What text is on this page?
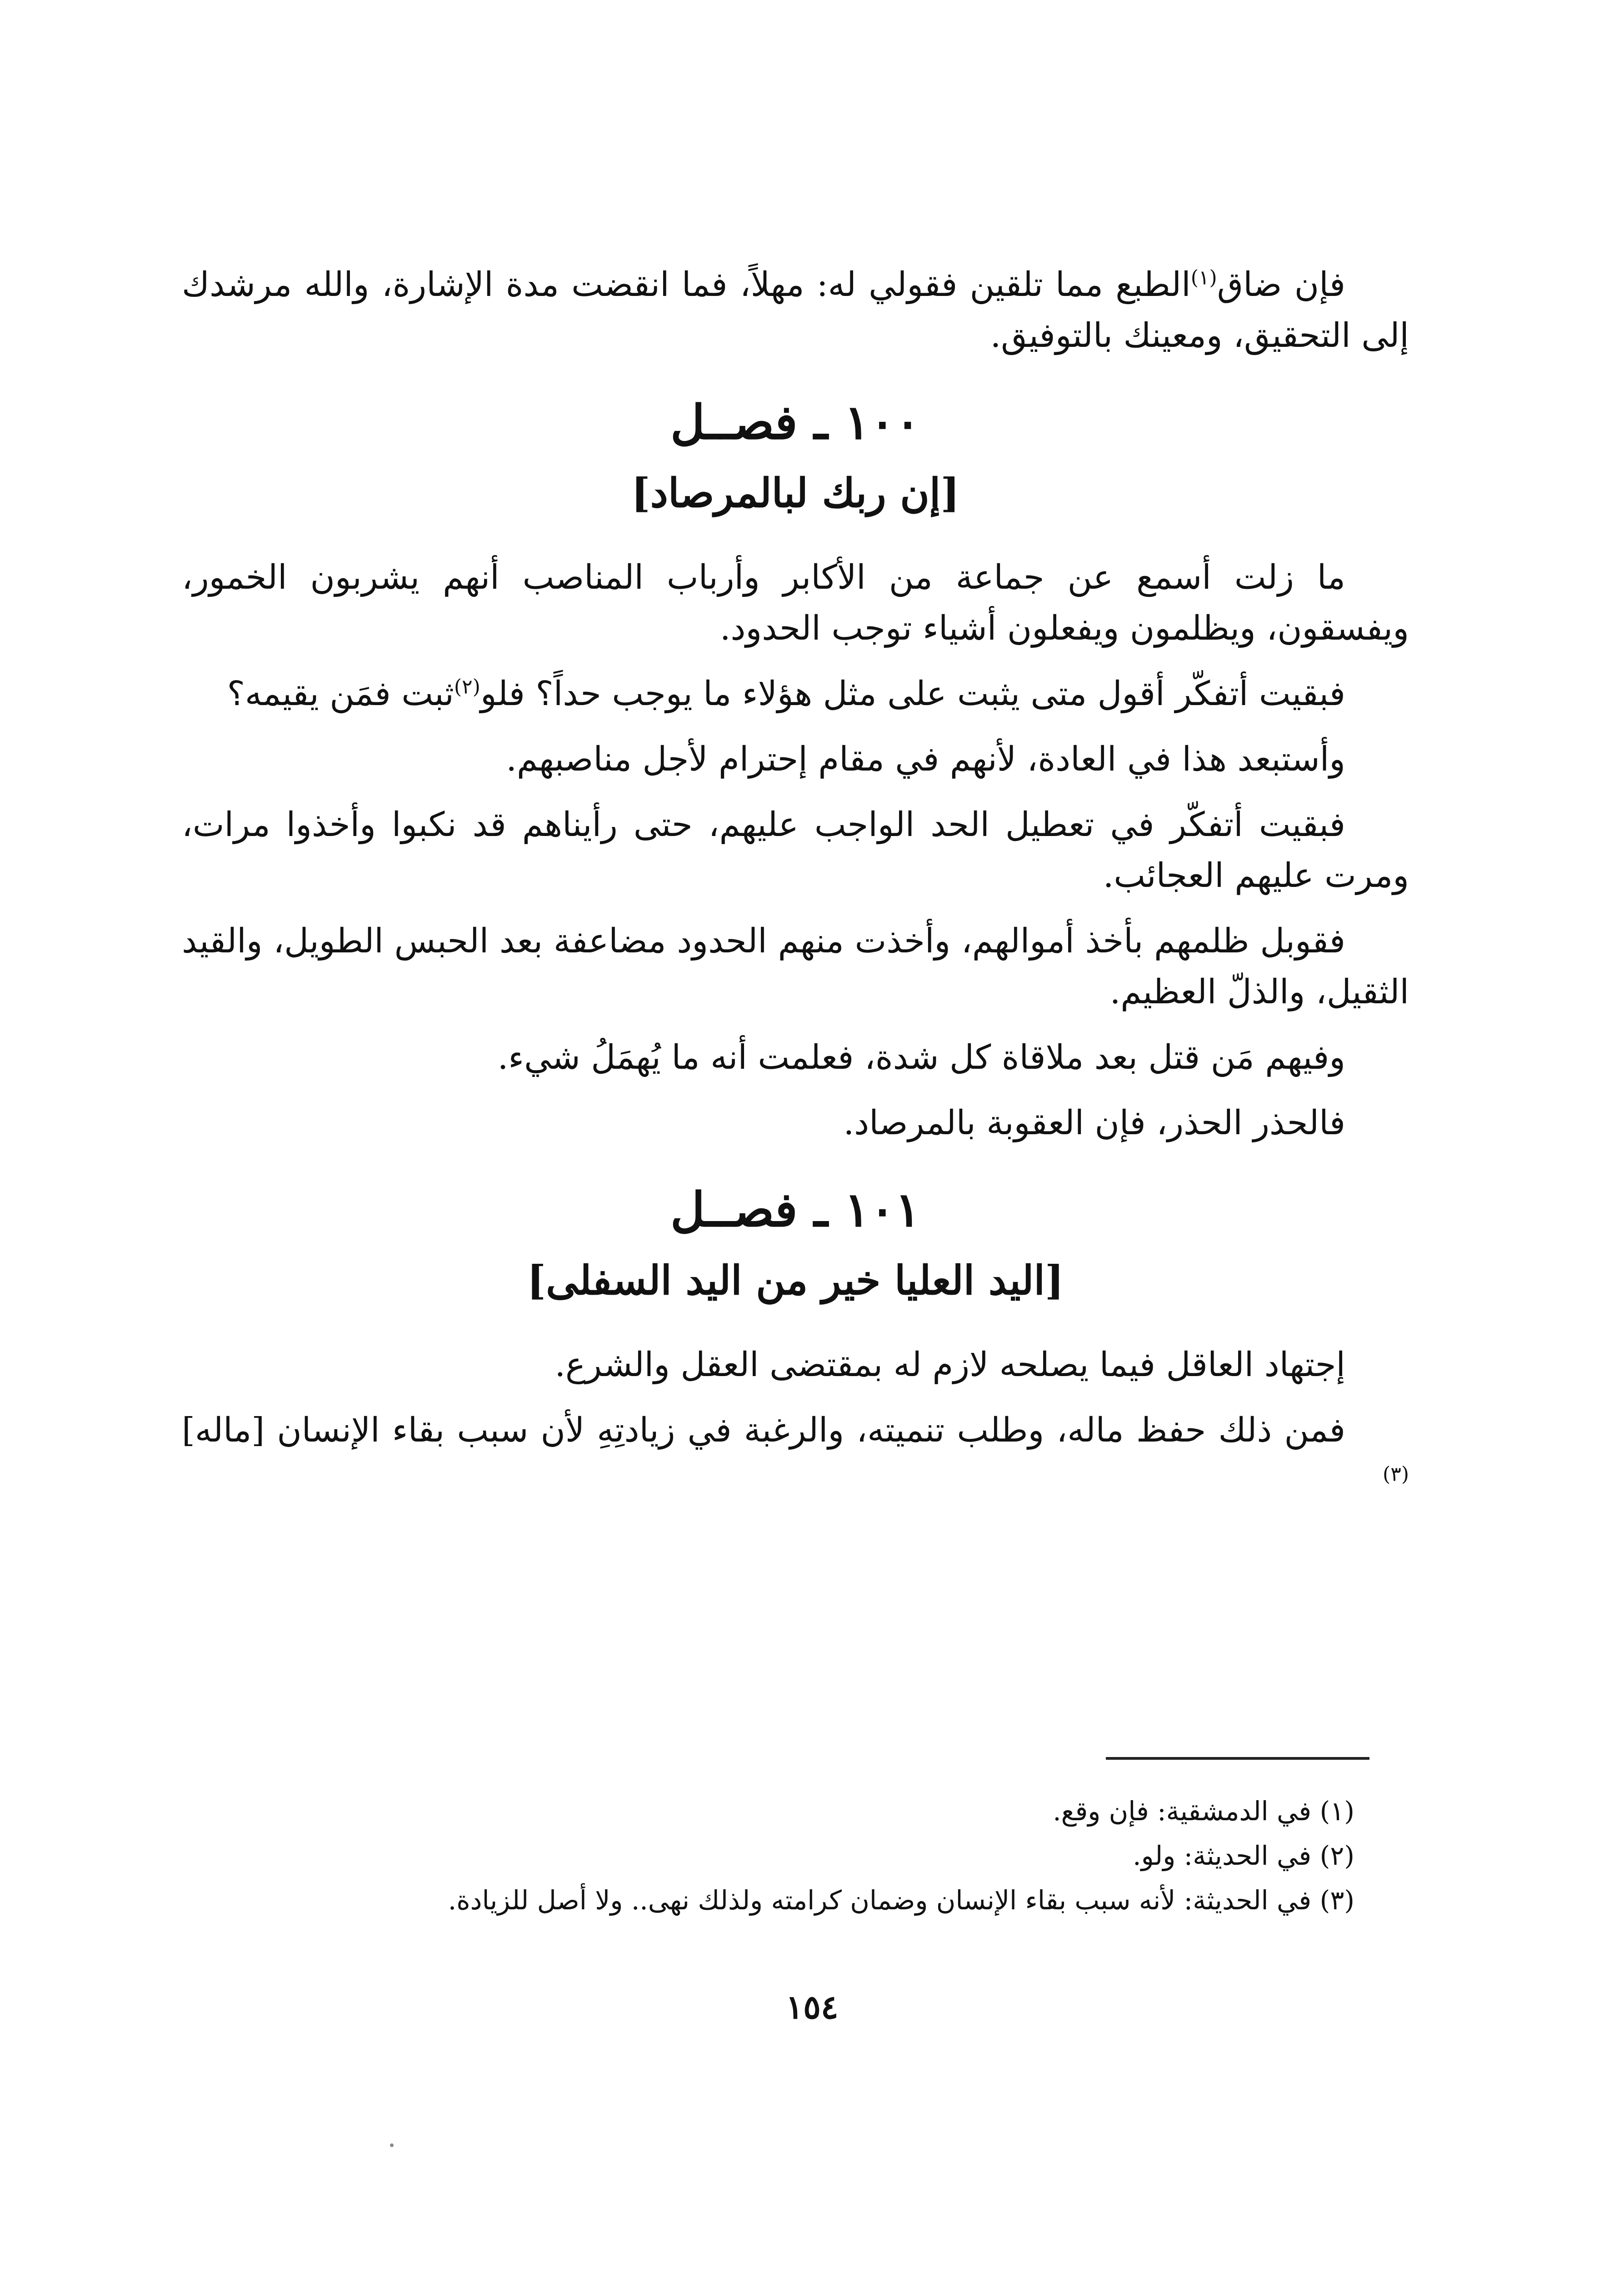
فإن ضاق$^{(١)}$الطبع مما تلقين فقولي له: مهلاً، فما انقضت مدة الإشارة، والله مرشدك إلى التحقيق، ومعينك بالتوفيق.

١٠٠ ـ فصــل
[إن ربك لبالمرصاد]

ما زلت أسمع عن جماعة من الأكابر وأرباب المناصب أنهم يشربون الخمور، ويفسقون، ويظلمون ويفعلون أشياء توجب الحدود.

فبقيت أتفكّر أقول متى يثبت على مثل هؤلاء ما يوجب حداً؟ فلو$^{(٢)}$ثبت فمَن يقيمه؟

وأستبعد هذا في العادة، لأنهم في مقام إحترام لأجل مناصبهم.

فبقيت أتفكّر في تعطيل الحد الواجب عليهم، حتى رأيناهم قد نكبوا وأخذوا مرات، ومرت عليهم العجائب.

فقوبل ظلمهم بأخذ أموالهم، وأخذت منهم الحدود مضاعفة بعد الحبس الطويل، والقيد الثقيل، والذلّ العظيم.

وفيهم مَن قتل بعد ملاقاة كل شدة، فعلمت أنه ما يُهمَلُ شيء.

فالحذر الحذر، فإن العقوبة بالمرصاد.

١٠١ ـ فصــل
[اليد العليا خير من اليد السفلى]

إجتهاد العاقل فيما يصلحه لازم له بمقتضى العقل والشرع.

فمن ذلك حفظ ماله، وطلب تنميته، والرغبة في زيادتِهِ لأن سبب بقاء الإنسان [ماله]$^{(٣)}$

(١) في الدمشقية: فإن وقع.

(٢) في الحديثة: ولو.

(٣) في الحديثة: لأنه سبب بقاء الإنسان وضمان كرامته ولذلك نهى.. ولا أصل للزيادة.

١٥٤
